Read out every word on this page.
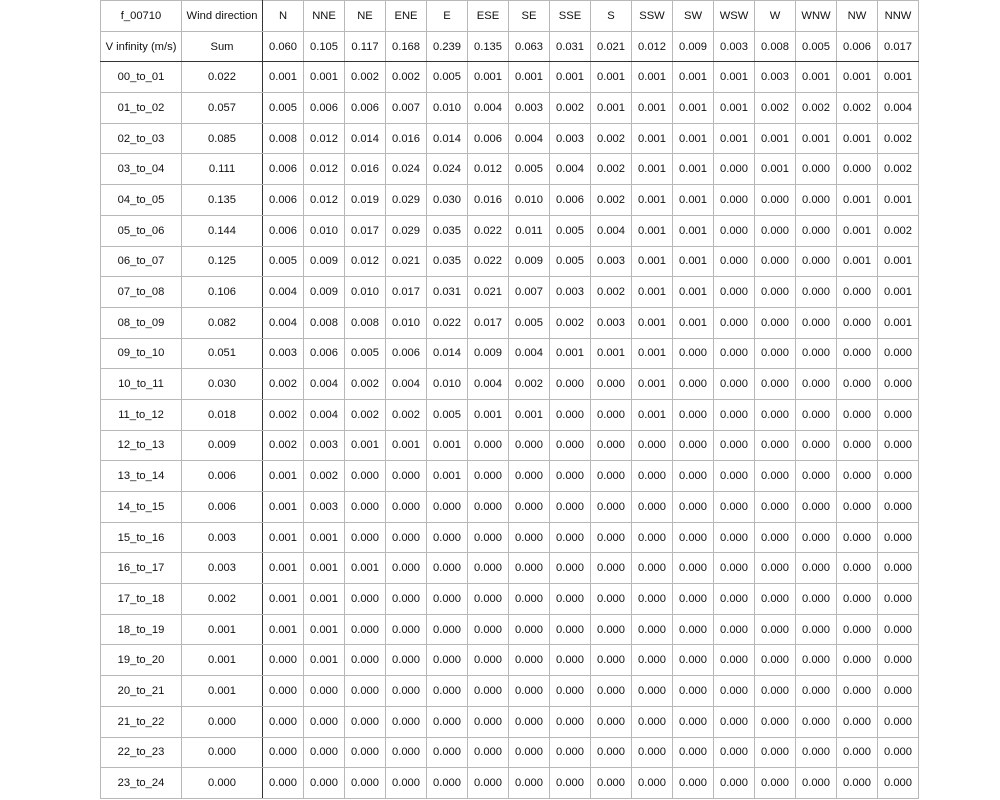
f_00710	Wind direction	N	NNE	NE	ENE	E	ESE	SE	SSE	S	SSW	SW	WSW	W	WNW	NW	NNW
V infinity (m/s)	Sum	0.060	0.105	0.117	0.168	0.239	0.135	0.063	0.031	0.021	0.012	0.009	0.003	0.008	0.005	0.006	0.017
00_to_01	0.022	0.001	0.001	0.002	0.002	0.005	0.001	0.001	0.001	0.001	0.001	0.001	0.001	0.003	0.001	0.001	0.001
01_to_02	0.057	0.005	0.006	0.006	0.007	0.010	0.004	0.003	0.002	0.001	0.001	0.001	0.001	0.002	0.002	0.002	0.004
02_to_03	0.085	0.008	0.012	0.014	0.016	0.014	0.006	0.004	0.003	0.002	0.001	0.001	0.001	0.001	0.001	0.001	0.002
03_to_04	0.111	0.006	0.012	0.016	0.024	0.024	0.012	0.005	0.004	0.002	0.001	0.001	0.000	0.001	0.000	0.000	0.002
04_to_05	0.135	0.006	0.012	0.019	0.029	0.030	0.016	0.010	0.006	0.002	0.001	0.001	0.000	0.000	0.000	0.001	0.001
05_to_06	0.144	0.006	0.010	0.017	0.029	0.035	0.022	0.011	0.005	0.004	0.001	0.001	0.000	0.000	0.000	0.001	0.002
06_to_07	0.125	0.005	0.009	0.012	0.021	0.035	0.022	0.009	0.005	0.003	0.001	0.001	0.000	0.000	0.000	0.001	0.001
07_to_08	0.106	0.004	0.009	0.010	0.017	0.031	0.021	0.007	0.003	0.002	0.001	0.001	0.000	0.000	0.000	0.000	0.001
08_to_09	0.082	0.004	0.008	0.008	0.010	0.022	0.017	0.005	0.002	0.003	0.001	0.001	0.000	0.000	0.000	0.000	0.001
09_to_10	0.051	0.003	0.006	0.005	0.006	0.014	0.009	0.004	0.001	0.001	0.001	0.000	0.000	0.000	0.000	0.000	0.000
10_to_11	0.030	0.002	0.004	0.002	0.004	0.010	0.004	0.002	0.000	0.000	0.001	0.000	0.000	0.000	0.000	0.000	0.000
11_to_12	0.018	0.002	0.004	0.002	0.002	0.005	0.001	0.001	0.000	0.000	0.001	0.000	0.000	0.000	0.000	0.000	0.000
12_to_13	0.009	0.002	0.003	0.001	0.001	0.001	0.000	0.000	0.000	0.000	0.000	0.000	0.000	0.000	0.000	0.000	0.000
13_to_14	0.006	0.001	0.002	0.000	0.000	0.001	0.000	0.000	0.000	0.000	0.000	0.000	0.000	0.000	0.000	0.000	0.000
14_to_15	0.006	0.001	0.003	0.000	0.000	0.000	0.000	0.000	0.000	0.000	0.000	0.000	0.000	0.000	0.000	0.000	0.000
15_to_16	0.003	0.001	0.001	0.000	0.000	0.000	0.000	0.000	0.000	0.000	0.000	0.000	0.000	0.000	0.000	0.000	0.000
16_to_17	0.003	0.001	0.001	0.001	0.000	0.000	0.000	0.000	0.000	0.000	0.000	0.000	0.000	0.000	0.000	0.000	0.000
17_to_18	0.002	0.001	0.001	0.000	0.000	0.000	0.000	0.000	0.000	0.000	0.000	0.000	0.000	0.000	0.000	0.000	0.000
18_to_19	0.001	0.001	0.001	0.000	0.000	0.000	0.000	0.000	0.000	0.000	0.000	0.000	0.000	0.000	0.000	0.000	0.000
19_to_20	0.001	0.000	0.001	0.000	0.000	0.000	0.000	0.000	0.000	0.000	0.000	0.000	0.000	0.000	0.000	0.000	0.000
20_to_21	0.001	0.000	0.000	0.000	0.000	0.000	0.000	0.000	0.000	0.000	0.000	0.000	0.000	0.000	0.000	0.000	0.000
21_to_22	0.000	0.000	0.000	0.000	0.000	0.000	0.000	0.000	0.000	0.000	0.000	0.000	0.000	0.000	0.000	0.000	0.000
22_to_23	0.000	0.000	0.000	0.000	0.000	0.000	0.000	0.000	0.000	0.000	0.000	0.000	0.000	0.000	0.000	0.000	0.000
23_to_24	0.000	0.000	0.000	0.000	0.000	0.000	0.000	0.000	0.000	0.000	0.000	0.000	0.000	0.000	0.000	0.000	0.000
